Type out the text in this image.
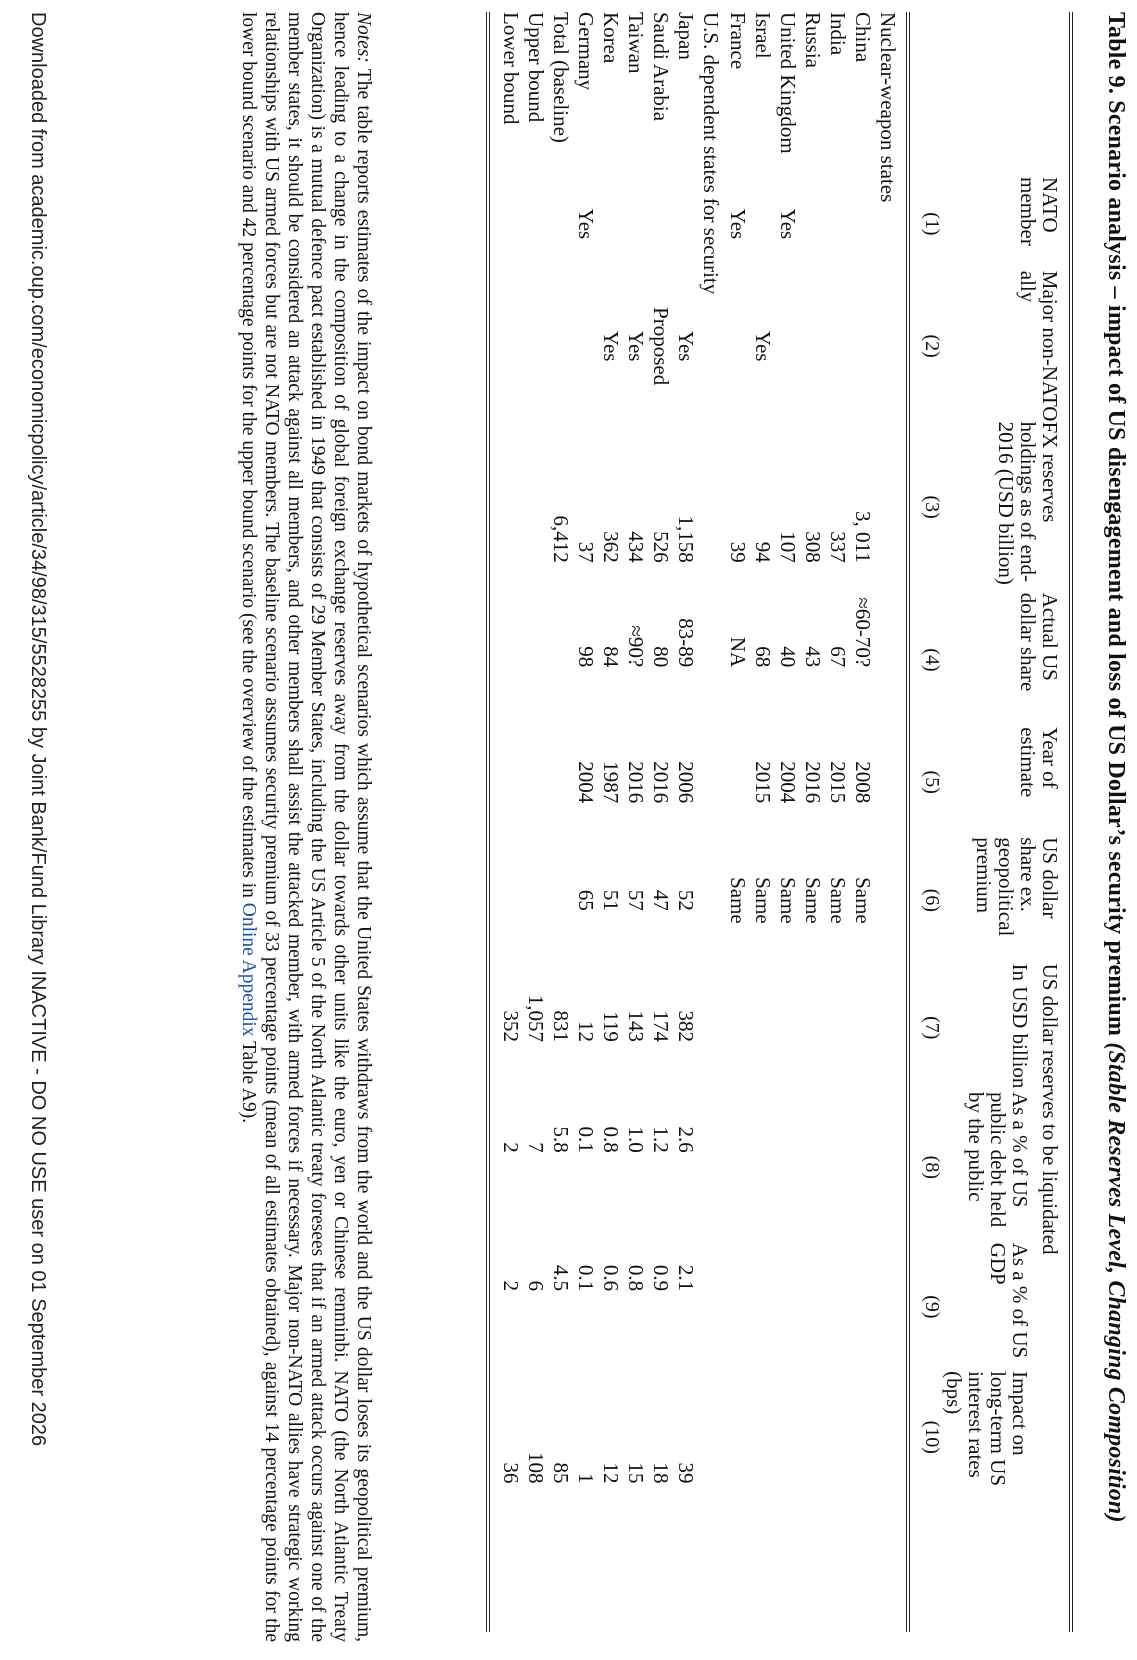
Table 9. Scenario analysis – impact of US disengagement and loss of US Dollar’s security premium (Stable Reserves Level, Changing Composition)
	NATO member	Major non-NATO ally	FX reserves holdings as of end-2016 (USD billion)	Actual US dollar share	Year of estimate	US dollar share ex. geopolitical premium	US dollar reserves to be liquidated				
							In USD billion	As a % of US public debt held by the public	As a % of US GDP	Impact on long-term US interest rates (bps)	
	(1)	(2)	(3)	(4)	(5)	(6)	(7)	(8)	(9)	(10)	

Nuclear-weapon states											
China			3, 011	≈60-70?	2008	Same					
India			337	67	2015	Same					
Russia			308	43	2016	Same					
United Kingdom	Yes		107	40	2004	Same					
Israel		Yes	94	68	2015	Same					
France	Yes		39	NA		Same					
U.S. dependent states for security											
Japan		Yes	1,158	83-89	2006	52	382	2.6	2.1	39	
Saudi Arabia		Proposed	526	80	2016	47	174	1.2	0.9	18	
Taiwan		Yes	434	≈90?	2016	57	143	1.0	0.8	15	
Korea		Yes	362	84	1987	51	119	0.8	0.6	12	
Germany	Yes		37	98	2004	65	12	0.1	0.1	1	
Total (baseline)			6,412				831	5.8	4.5	85	
Upper bound							1,057	7	6	108	
Lower bound							352	2	2	36	

Notes: The table reports estimates of the impact on bond markets of hypothetical scenarios which assume that the United States withdraws from the world and the US dollar loses its geopolitical premium, hence leading to a change in the composition of global foreign exchange reserves away from the dollar towards other units like the euro, yen or Chinese renminbi. NATO (the North Atlantic Treaty Organization) is a mutual defence pact established in 1949 that consists of 29 Member States, including the US Article 5 of the North Atlantic treaty foresees that if an armed attack occurs against one of the member states, it should be considered an attack against all members, and other members shall assist the attacked member, with armed forces if necessary. Major non-NATO allies have strategic working relationships with US armed forces but are not NATO members. The baseline scenario assumes security premium of 33 percentage points (mean of all estimates obtained), against 14 percentage points for the lower bound scenario and 42 percentage points for the upper bound scenario (see the overview of the estimates in Online Appendix Table A9).
Downloaded from academic.oup.com/economicpolicy/article/34/98/315/5528255 by Joint Bank/Fund Library INACTIVE - DO NO USE user on 01 September 2026
